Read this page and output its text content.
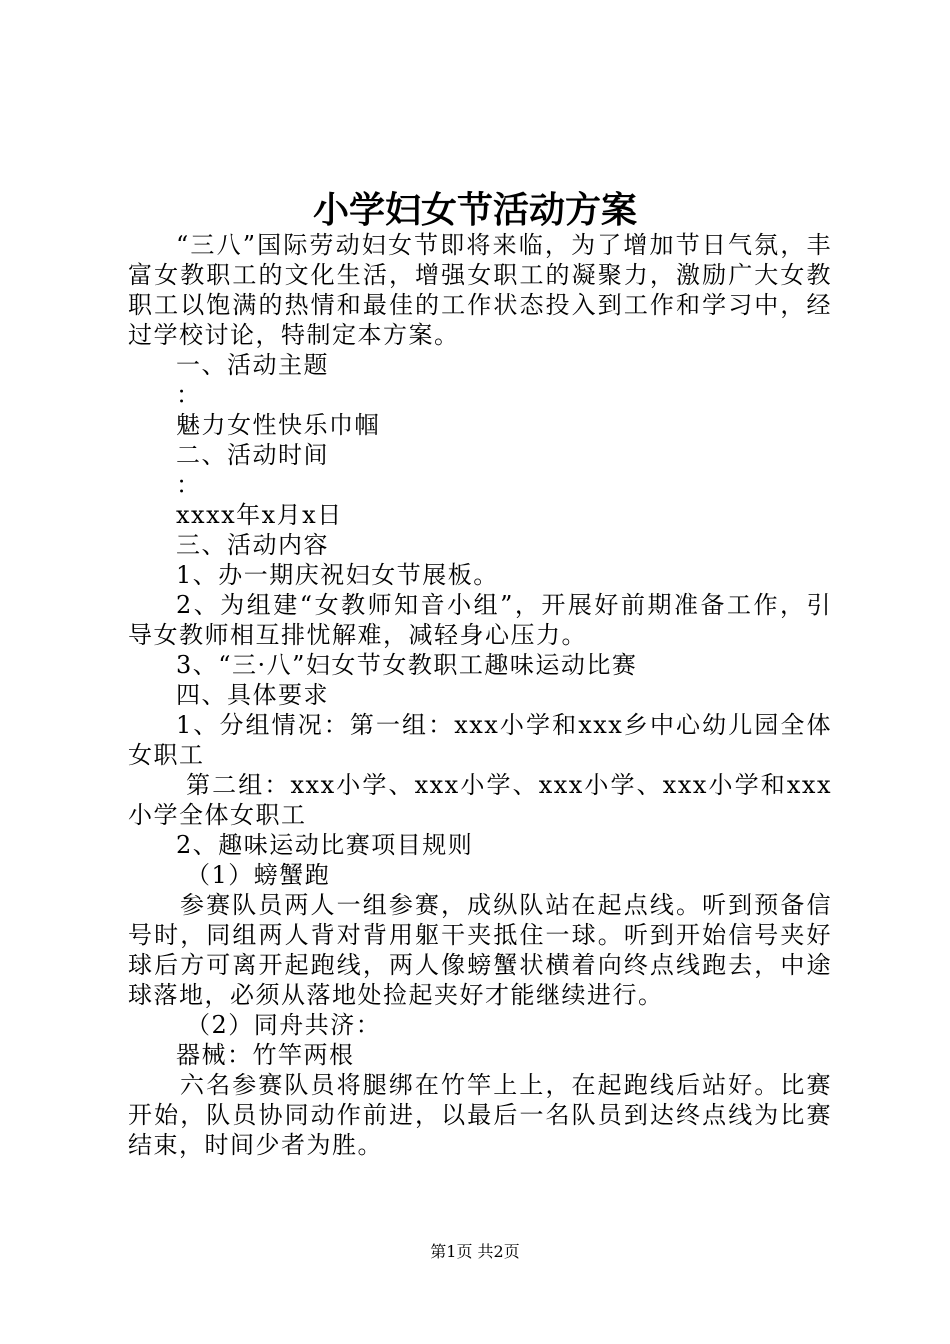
小学妇女节活动方案

“三八”国际劳动妇女节即将来临，为了增加节日气氛，丰富女教职工的文化生活，增强女职工的凝聚力，激励广大女教职工以饱满的热情和最佳的工作状态投入到工作和学习中，经过学校讨论，特制定本方案。

一、活动主题

：

魅力女性快乐巾帼

二、活动时间

：

xxxx年x月x日

三、活动内容

1、办一期庆祝妇女节展板。

2、为组建“女教师知音小组”，开展好前期准备工作，引导女教师相互排忧解难，减轻身心压力。

3、“三·八”妇女节女教职工趣味运动比赛

四、具体要求

1、分组情况：第一组：xxx小学和xxx乡中心幼儿园全体女职工

第二组：xxx小学、xxx小学、xxx小学、xxx小学和xxx小学全体女职工

2、趣味运动比赛项目规则

（1）螃蟹跑

参赛队员两人一组参赛，成纵队站在起点线。听到预备信号时，同组两人背对背用躯干夹抵住一球。听到开始信号夹好球后方可离开起跑线，两人像螃蟹状横着向终点线跑去，中途球落地，必须从落地处捡起夹好才能继续进行。

（2）同舟共济：

器械：竹竿两根

六名参赛队员将腿绑在竹竿上上，在起跑线后站好。比赛开始，队员协同动作前进，以最后一名队员到达终点线为比赛结束，时间少者为胜。

第1页 共2页
